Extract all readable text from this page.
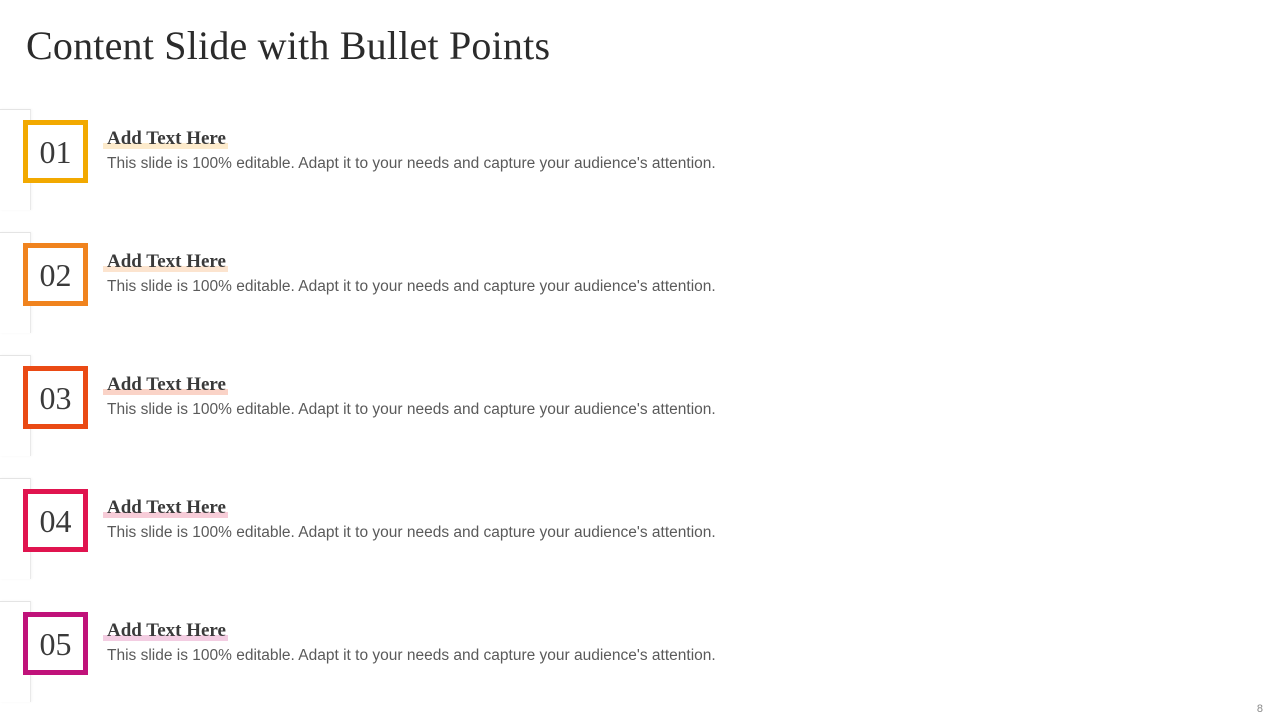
Content Slide with Bullet Points
01 Add Text Here
This slide is 100% editable. Adapt it to your needs and capture your audience's attention.
02 Add Text Here
This slide is 100% editable. Adapt it to your needs and capture your audience's attention.
03 Add Text Here
This slide is 100% editable. Adapt it to your needs and capture your audience's attention.
04 Add Text Here
This slide is 100% editable. Adapt it to your needs and capture your audience's attention.
05 Add Text Here
This slide is 100% editable. Adapt it to your needs and capture your audience's attention.
8
